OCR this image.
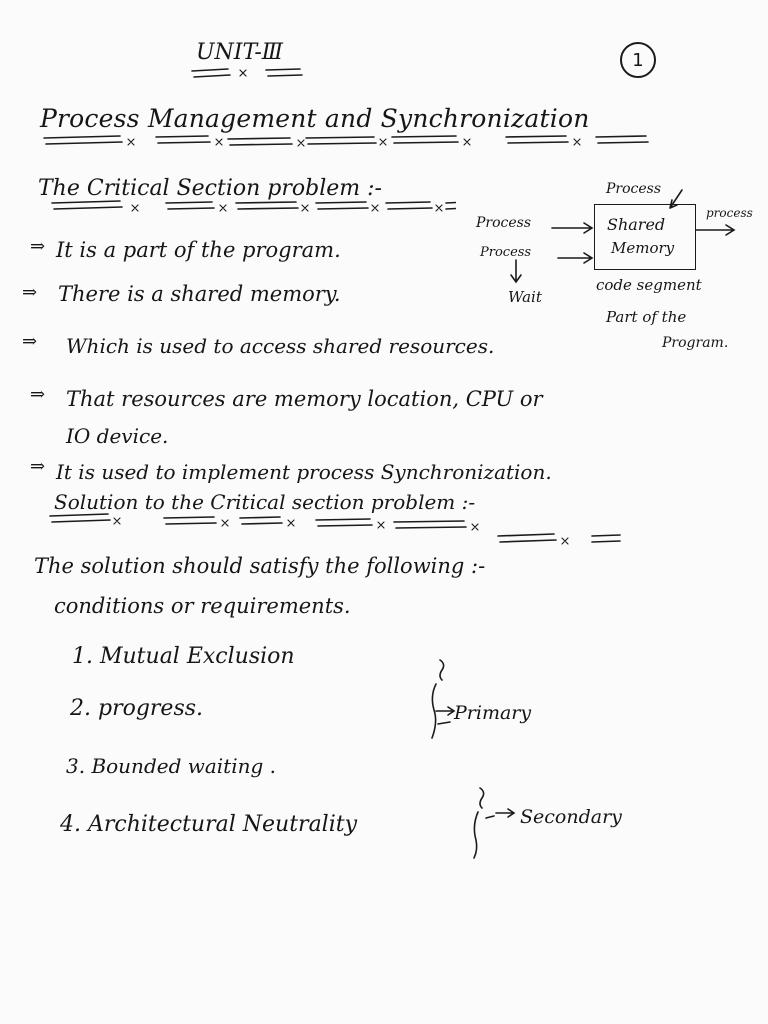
UNIT-Ⅲ	1
Process Management and Synchronization
The Critical Section problem :-
⇒ It is a part of the program.
⇒ There is a shared memory.
⇒ Which is used to access shared resources.
⇒ That resources are memory location, CPU or
IO device.
⇒ It is used to implement process Synchronization.
Process
Shared
Memory
Process
Process
Wait
process
code segment
Part of the
Program.
Solution to the Critical section problem :-
The solution should satisfy the following :-
conditions or requirements.
1. Mutual Exclusion
2. progress.
3. Bounded waiting .
4. Architectural Neutrality
Primary
Secondary
